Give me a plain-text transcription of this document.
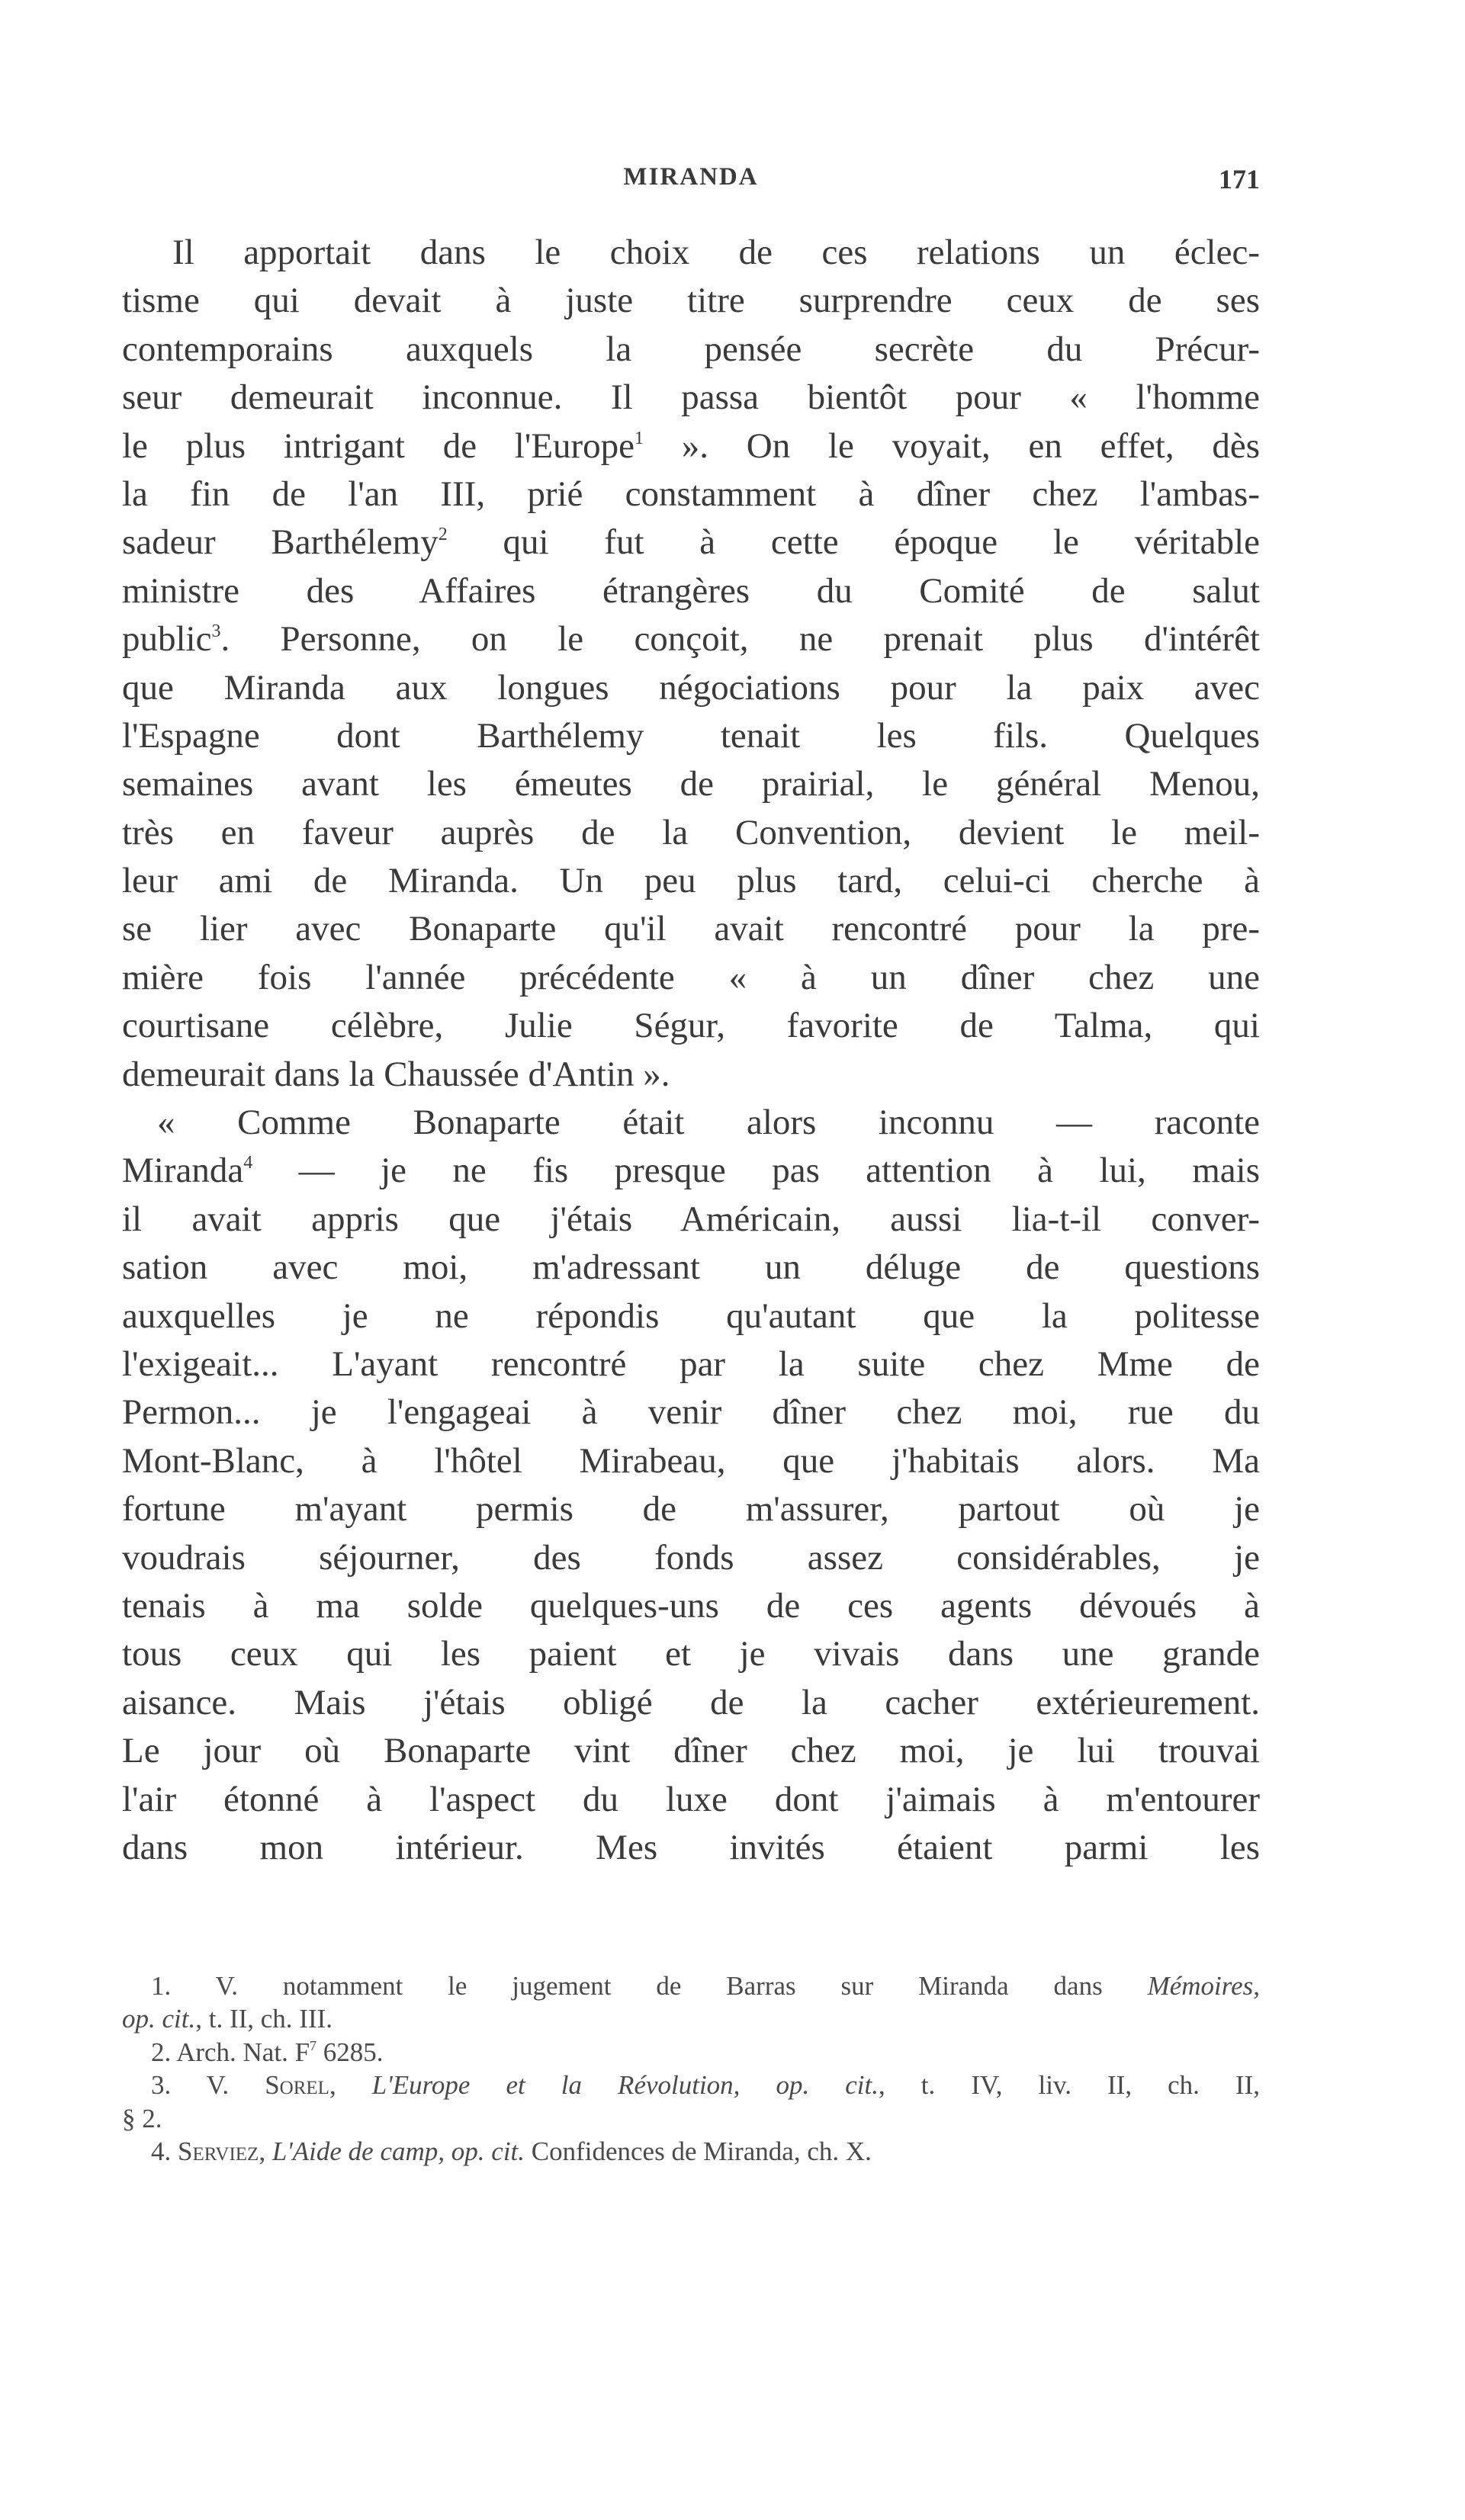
MIRANDA	171
Il apportait dans le choix de ces relations un éclec-
tisme qui devait à juste titre surprendre ceux de ses
contemporains auxquels la pensée secrète du Précur-
seur demeurait inconnue. Il passa bientôt pour « l'homme
le plus intrigant de l'Europe$^1$ ». On le voyait, en effet, dès
la fin de l'an III, prié constamment à dîner chez l'ambas-
sadeur Barthélemy$^2$ qui fut à cette époque le véritable
ministre des Affaires étrangères du Comité de salut
public$^3$. Personne, on le conçoit, ne prenait plus d'intérêt
que Miranda aux longues négociations pour la paix avec
l'Espagne dont Barthélemy tenait les fils. Quelques
semaines avant les émeutes de prairial, le général Menou,
très en faveur auprès de la Convention, devient le meil-
leur ami de Miranda. Un peu plus tard, celui-ci cherche à
se lier avec Bonaparte qu'il avait rencontré pour la pre-
mière fois l'année précédente « à un dîner chez une
courtisane célèbre, Julie Ségur, favorite de Talma, qui
demeurait dans la Chaussée d'Antin ».
« Comme Bonaparte était alors inconnu — raconte
Miranda$^4$ — je ne fis presque pas attention à lui, mais
il avait appris que j'étais Américain, aussi lia-t-il conver-
sation avec moi, m'adressant un déluge de questions
auxquelles je ne répondis qu'autant que la politesse
l'exigeait... L'ayant rencontré par la suite chez Mme de
Permon... je l'engageai à venir dîner chez moi, rue du
Mont-Blanc, à l'hôtel Mirabeau, que j'habitais alors. Ma
fortune m'ayant permis de m'assurer, partout où je
voudrais séjourner, des fonds assez considérables, je
tenais à ma solde quelques-uns de ces agents dévoués à
tous ceux qui les paient et je vivais dans une grande
aisance. Mais j'étais obligé de la cacher extérieurement.
Le jour où Bonaparte vint dîner chez moi, je lui trouvai
l'air étonné à l'aspect du luxe dont j'aimais à m'entourer
dans mon intérieur. Mes invités étaient parmi les
1. V. notamment le jugement de Barras sur Miranda dans Mémoires,
op. cit., t. II, ch. III.
2. Arch. Nat. $F^7$ 6285.
3. V. Sorel, L'Europe et la Révolution, op. cit., t. IV, liv. II, ch. II,
§ 2.
4. Serviez, L'Aide de camp, op. cit. Confidences de Miranda, ch. X.
